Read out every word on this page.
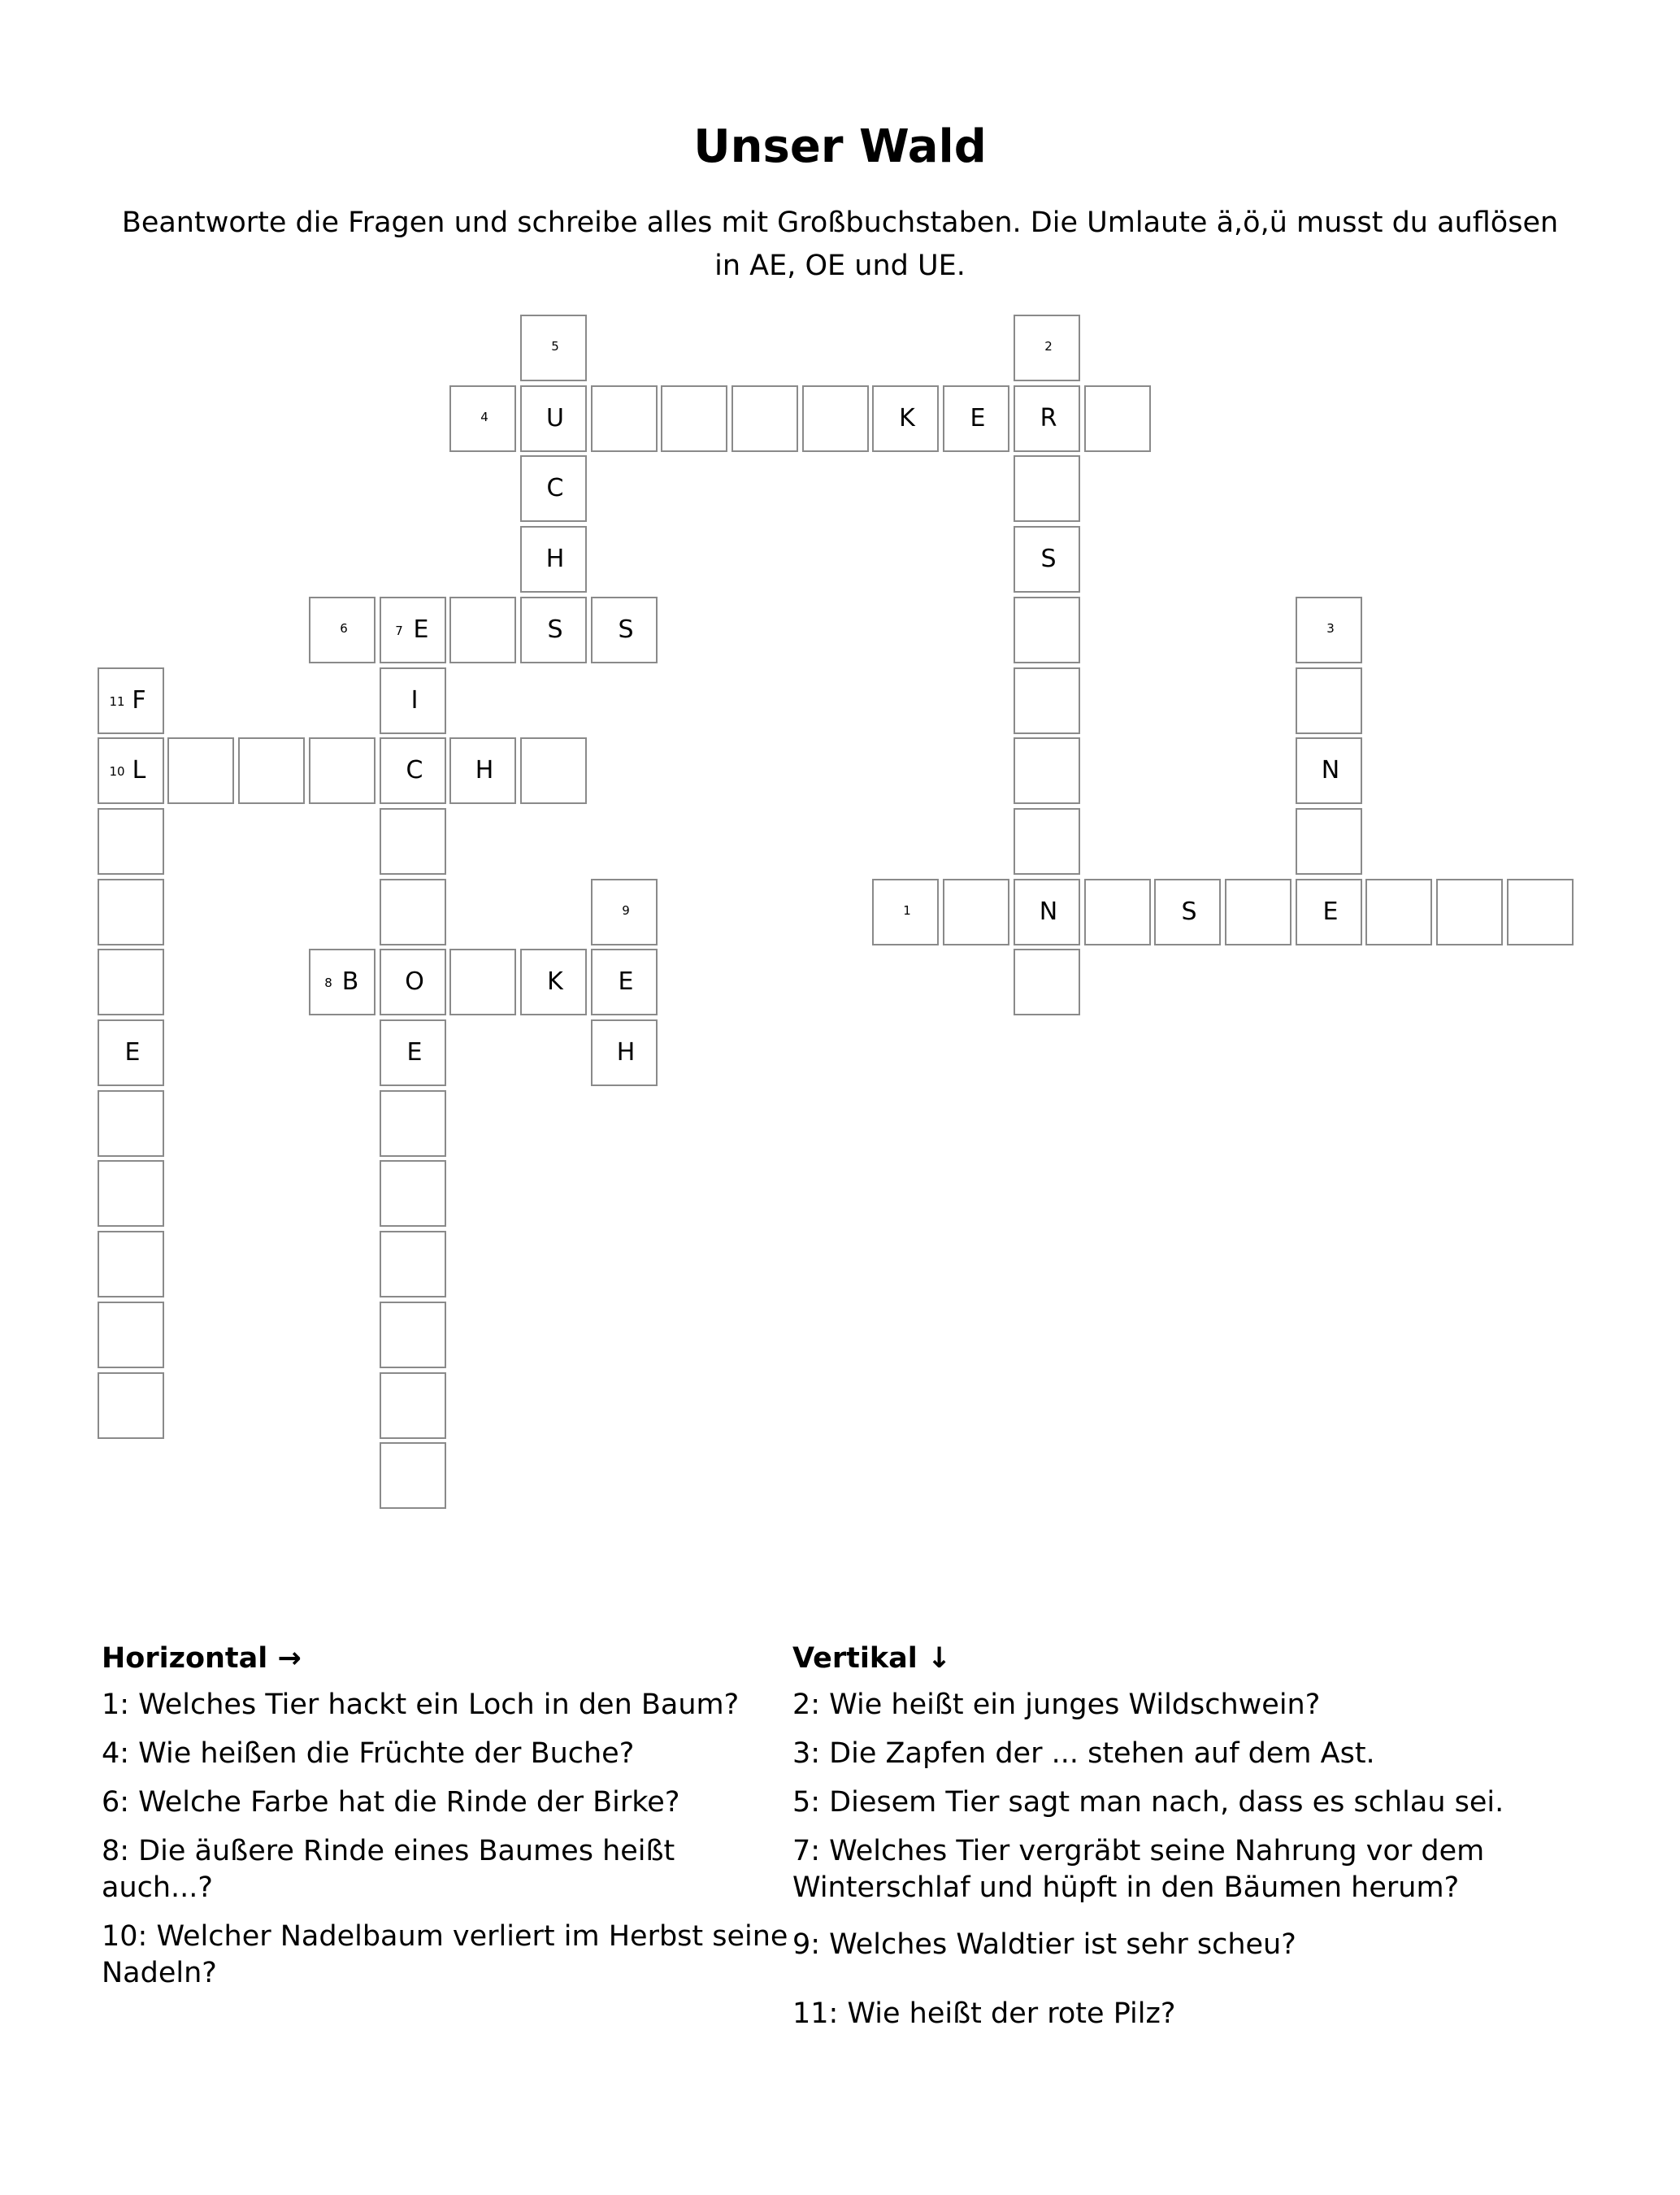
Unser Wald

Beantworte die Fragen und schreibe alles mit Großbuchstaben. Die Umlaute ä,ö,ü musst du auflösen in AE, OE und UE.

5	2
4	U	K	E	R
C
H	S
6	7 E	S	S	3
11 F	I
10 L	C	H	N
9	1	N	S	E
8 B	O	K	E
E	E	H
Horizontal →

1: Welches Tier hackt ein Loch in den Baum?

4: Wie heißen die Früchte der Buche?

6: Welche Farbe hat die Rinde der Birke?

8: Die äußere Rinde eines Baumes heißt auch...?

10: Welcher Nadelbaum verliert im Herbst seine Nadeln?

Vertikal ↓

2: Wie heißt ein junges Wildschwein?

3: Die Zapfen der ... stehen auf dem Ast.

5: Diesem Tier sagt man nach, dass es schlau sei.

7: Welches Tier vergräbt seine Nahrung vor dem Winterschlaf und hüpft in den Bäumen herum?

9: Welches Waldtier ist sehr scheu?

11: Wie heißt der rote Pilz?
